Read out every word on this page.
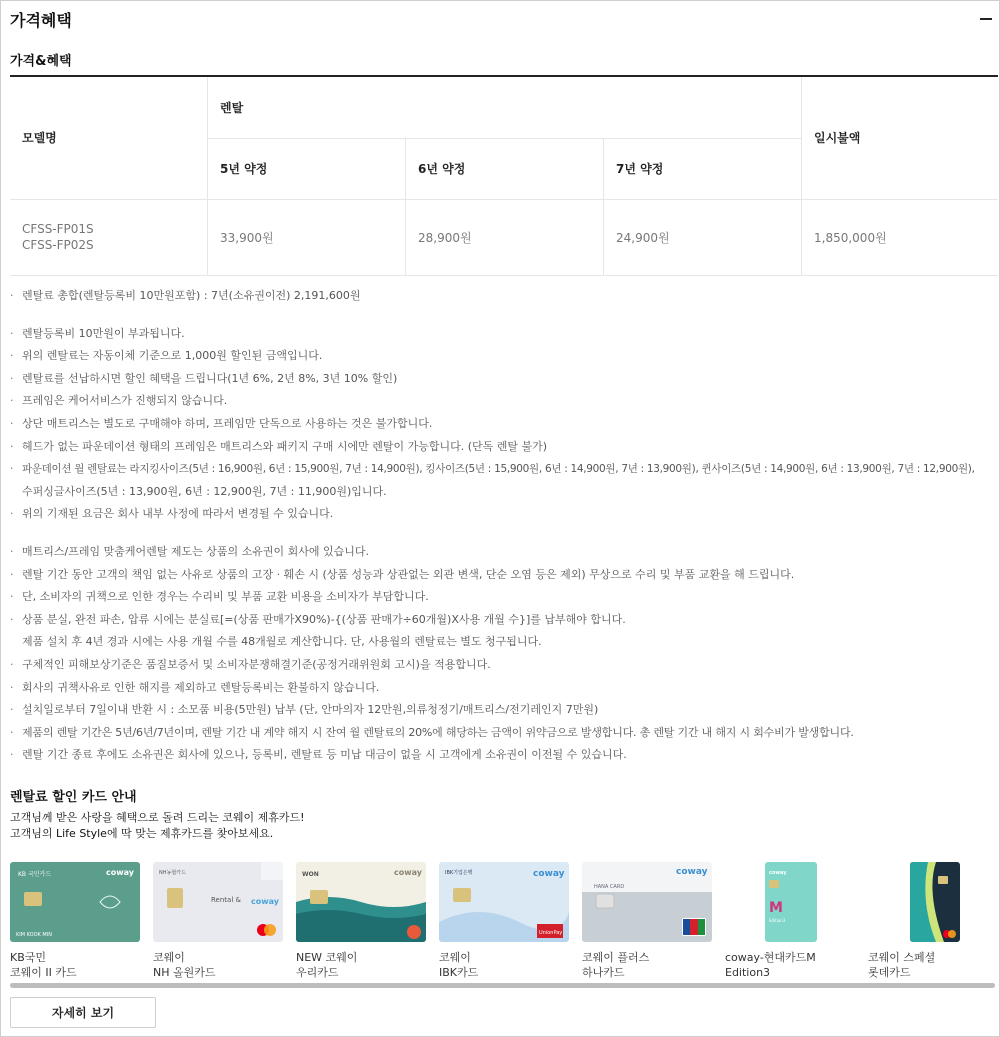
가격혜택
가격&혜택
모델명	렌탈			일시불액
	5년 약정	6년 약정	7년 약정	

CFSS-FP01S
CFSS-FP02S	33,900원	28,900원	24,900원	1,850,000원
· 렌탈료 총합(렌탈등록비 10만원포함) : 7년(소유권이전) 2,191,600원
· 렌탈등록비 10만원이 부과됩니다.
· 위의 렌탈료는 자동이체 기준으로 1,000원 할인된 금액입니다.
· 렌탈료를 선납하시면 할인 혜택을 드립니다(1년 6%, 2년 8%, 3년 10% 할인)
· 프레임은 케어서비스가 진행되지 않습니다.
· 상단 매트리스는 별도로 구매해야 하며, 프레임만 단독으로 사용하는 것은 불가합니다.
· 헤드가 없는 파운데이션 형태의 프레임은 매트리스와 패키지 구매 시에만 렌탈이 가능합니다. (단독 렌탈 불가)
· 파운데이션 월 렌탈료는 라지킹사이즈(5년 : 16,900원, 6년 : 15,900원, 7년 : 14,900원), 킹사이즈(5년 : 15,900원, 6년 : 14,900원, 7년 : 13,900원), 퀸사이즈(5년 : 14,900원, 6년 : 13,900원, 7년 : 12,900원),
수퍼싱글사이즈(5년 : 13,900원, 6년 : 12,900원, 7년 : 11,900원)입니다.
· 위의 기재된 요금은 회사 내부 사정에 따라서 변경될 수 있습니다.
· 매트리스/프레임 맞춤케어렌탈 제도는 상품의 소유권이 회사에 있습니다.
· 렌탈 기간 동안 고객의 책임 없는 사유로 상품의 고장 · 훼손 시 (상품 성능과 상관없는 외관 변색, 단순 오염 등은 제외) 무상으로 수리 및 부품 교환을 해 드립니다.
· 단, 소비자의 귀책으로 인한 경우는 수리비 및 부품 교환 비용을 소비자가 부담합니다.
· 상품 분실, 완전 파손, 압류 시에는 분실료[=(상품 판매가X90%)-{(상품 판매가÷60개월)X사용 개월 수}]를 납부해야 합니다.
제품 설치 후 4년 경과 시에는 사용 개월 수를 48개월로 계산합니다. 단, 사용월의 렌탈료는 별도 청구됩니다.
· 구체적인 피해보상기준은 품질보증서 및 소비자분쟁해결기준(공정거래위원회 고시)을 적용합니다.
· 회사의 귀책사유로 인한 해지를 제외하고 렌탈등록비는 환불하지 않습니다.
· 설치일로부터 7일이내 반환 시 : 소모품 비용(5만원) 납부 (단, 안마의자 12만원,의류청정기/매트리스/전기레인지 7만원)
· 제품의 렌탈 기간은 5년/6년/7년이며, 렌탈 기간 내 계약 해지 시 잔여 월 렌탈료의 20%에 해당하는 금액이 위약금으로 발생합니다. 총 렌탈 기간 내 해지 시 회수비가 발생합니다.
· 렌탈 기간 종료 후에도 소유권은 회사에 있으나, 등록비, 렌탈료 등 미납 대금이 없을 시 고객에게 소유권이 이전될 수 있습니다.
렌탈료 할인 카드 안내
고객님께 받은 사랑을 혜택으로 돌려 드리는 코웨이 제휴카드!
고객님의 Life Style에 딱 맞는 제휴카드를 찾아보세요.
KB 국민카드	coway
KIM KOOK MIN
KB국민
코웨이 II 카드
NH농협카드
Rental & coway
코웨이
NH 올원카드
WON	coway
NEW 코웨이
우리카드
IBK기업은행	coway
UnionPay
코웨이
IBK카드
coway
HANA CARD
코웨이 플러스
하나카드
coway
M
Edition3
coway-현대카드M
Edition3
코웨이 스페셜
롯데카드
자세히 보기
